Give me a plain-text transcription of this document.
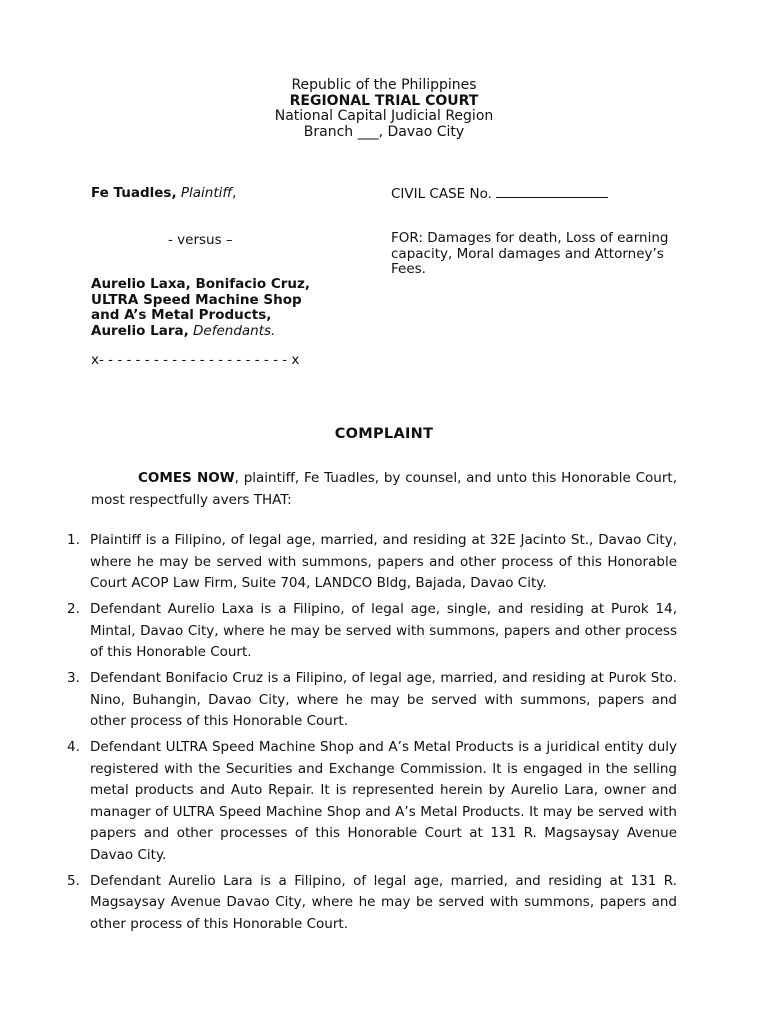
Republic of the Philippines
REGIONAL TRIAL COURT
National Capital Judicial Region
Branch ___, Davao City
Fe Tuadles, Plaintiff,
- versus –
Aurelio Laxa, Bonifacio Cruz, ULTRA Speed Machine Shop and A’s Metal Products, Aurelio Lara, Defendants.
x- - - - - - - - - - - - - - - - - - - - - x
CIVIL CASE No.
FOR: Damages for death, Loss of earning capacity, Moral damages and Attorney’s Fees.
COMPLAINT
COMES NOW, plaintiff, Fe Tuadles, by counsel, and unto this Honorable Court, most respectfully avers THAT:
1. Plaintiff is a Filipino, of legal age, married, and residing at 32E Jacinto St., Davao City, where he may be served with summons, papers and other process of this Honorable Court ACOP Law Firm, Suite 704, LANDCO Bldg, Bajada, Davao City.
2. Defendant Aurelio Laxa is a Filipino, of legal age, single, and residing at Purok 14, Mintal, Davao City, where he may be served with summons, papers and other process of this Honorable Court.
3. Defendant Bonifacio Cruz is a Filipino, of legal age, married, and residing at Purok Sto. Nino, Buhangin, Davao City, where he may be served with summons, papers and other process of this Honorable Court.
4. Defendant ULTRA Speed Machine Shop and A’s Metal Products is a juridical entity duly registered with the Securities and Exchange Commission. It is engaged in the selling metal products and Auto Repair. It is represented herein by Aurelio Lara, owner and manager of ULTRA Speed Machine Shop and A’s Metal Products. It may be served with papers and other processes of this Honorable Court at 131 R. Magsaysay Avenue Davao City.
5. Defendant Aurelio Lara is a Filipino, of legal age, married, and residing at 131 R. Magsaysay Avenue Davao City, where he may be served with summons, papers and other process of this Honorable Court.
